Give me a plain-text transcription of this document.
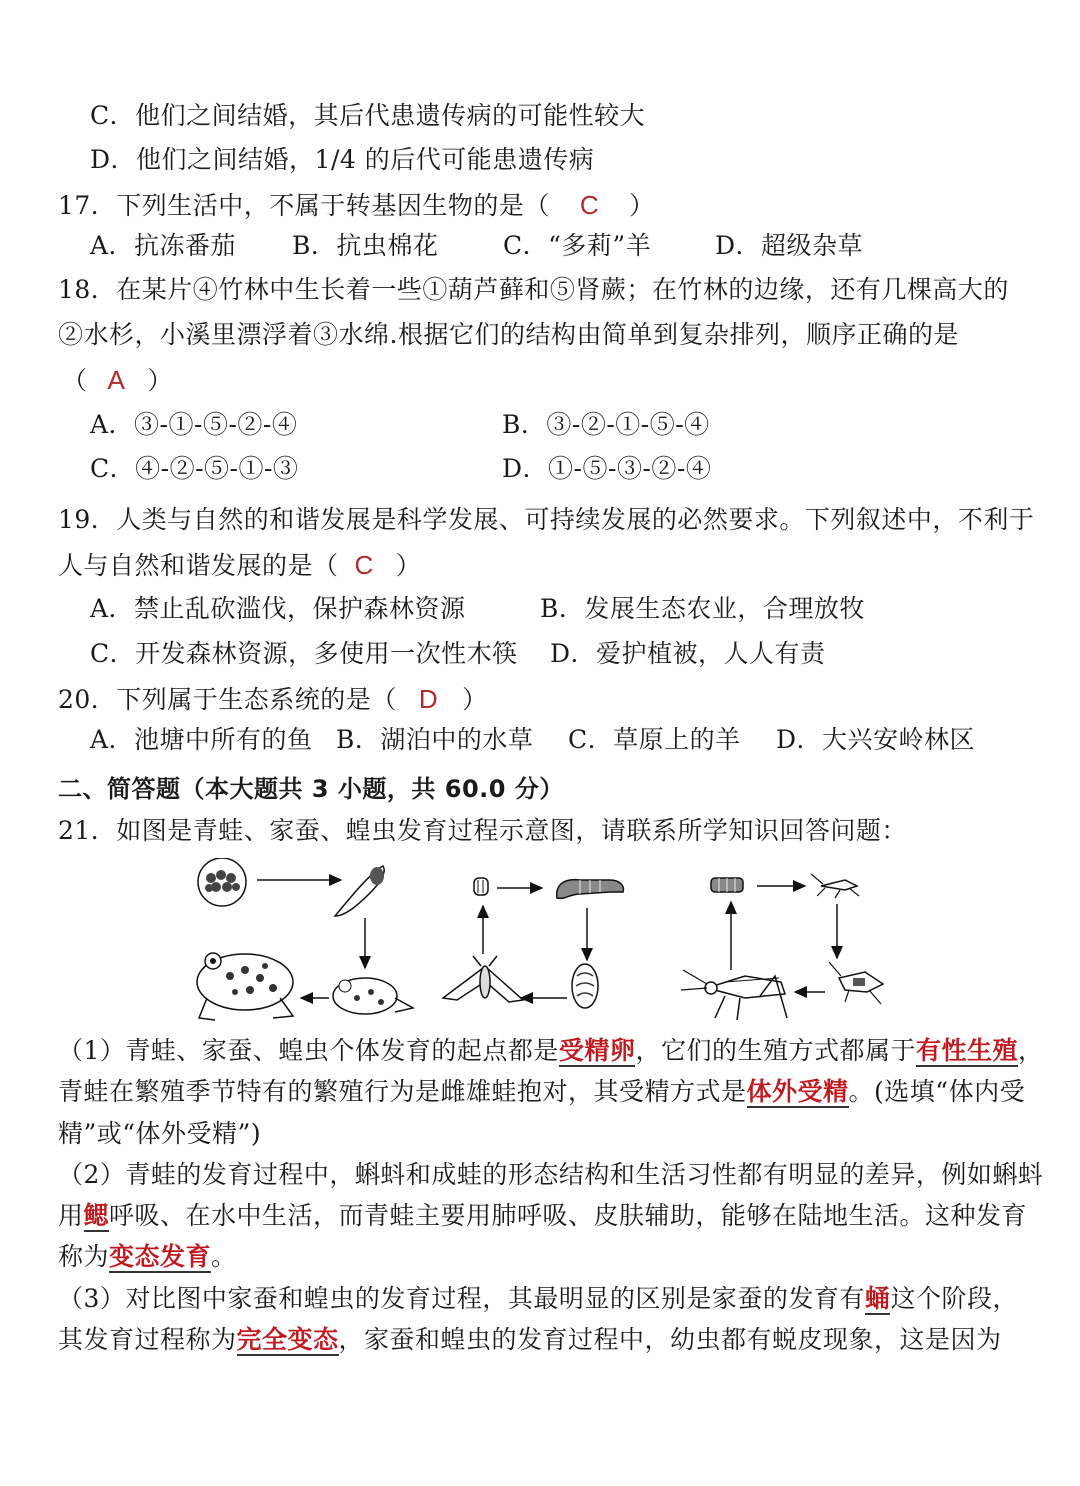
C．他们之间结婚，其后代患遗传病的可能性较大
D．他们之间结婚，1/4 的后代可能患遗传病
17．下列生活中，不属于转基因生物的是（ C ）
A．抗冻番茄 B．抗虫棉花	C．“多莉”羊	D．超级杂草
18．在某片④竹林中生长着一些①葫芦藓和⑤肾蕨；在竹林的边缘，还有几棵高大的
②水杉，小溪里漂浮着③水绵.根据它们的结构由简单到复杂排列，顺序正确的是
（ A ）
A．③-①-⑤-②-④	B．③-②-①-⑤-④
C．④-②-⑤-①-③	D．①-⑤-③-②-④
19．人类与自然的和谐发展是科学发展、可持续发展的必然要求。下列叙述中，不利于
人与自然和谐发展的是（ C ）
A．禁止乱砍滥伐，保护森林资源	B．发展生态农业，合理放牧
C．开发森林资源，多使用一次性木筷 D．爱护植被，人人有责
20．下列属于生态系统的是（ D ）
A．池塘中所有的鱼 B．湖泊中的水草 C．草原上的羊 D．大兴安岭林区
二、简答题（本大题共 3 小题，共 60.0 分）
21．如图是青蛙、家蚕、蝗虫发育过程示意图，请联系所学知识回答问题：
（1）青蛙、家蚕、蝗虫个体发育的起点都是受精卵，它们的生殖方式都属于有性生殖，
青蛙在繁殖季节特有的繁殖行为是雌雄蛙抱对，其受精方式是体外受精。(选填“体内受
精”或“体外受精”)
（2）青蛙的发育过程中，蝌蚪和成蛙的形态结构和生活习性都有明显的差异，例如蝌蚪
用鳃呼吸、在水中生活，而青蛙主要用肺呼吸、皮肤辅助，能够在陆地生活。这种发育
称为变态发育。
（3）对比图中家蚕和蝗虫的发育过程，其最明显的区别是家蚕的发育有蛹这个阶段，
其发育过程称为完全变态，家蚕和蝗虫的发育过程中，幼虫都有蜕皮现象，这是因为
